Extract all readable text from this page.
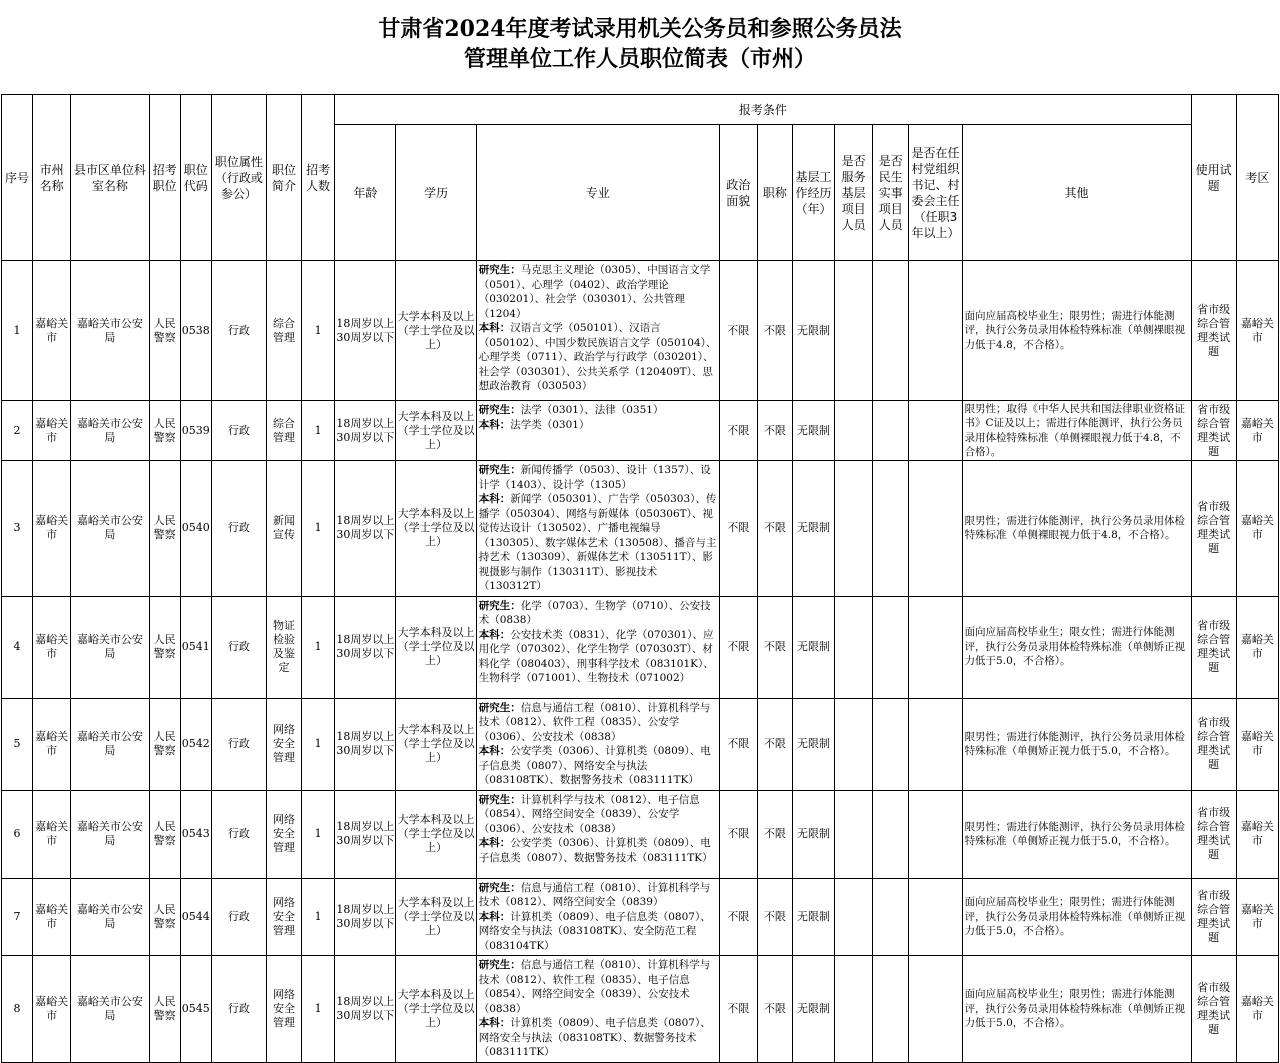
甘肃省2024年度考试录用机关公务员和参照公务员法
管理单位工作人员职位简表（市州）
序号	市州名称	县市区单位科室名称	招考职位	职位代码	职位属性（行政或参公）	职位简介	招考人数	报考条件										使用试题	考区
								年龄	学历	专业	政治面貌	职称	基层工作经历（年）	是否服务基层项目人员	是否民生实事项目人员	是否在任村党组织书记、村委会主任（任职3年以上）	其他		
1	嘉峪关市	嘉峪关市公安局	人民警察	0538	行政	综合管理	1	18周岁以上30周岁以下	大学本科及以上（学士学位及以上）	研究生：马克思主义理论（0305）、中国语言文学（0501）、心理学（0402）、政治学理论（030201）、社会学（030301）、公共管理（1204）
本科：汉语言文学（050101）、汉语言（050102）、中国少数民族语言文学（050104）、心理学类（0711）、政治学与行政学（030201）、社会学（030301）、公共关系学（120409T）、思想政治教育（030503）	不限	不限	无限制				面向应届高校毕业生；限男性；需进行体能测评，执行公务员录用体检特殊标准（单侧裸眼视力低于4.8，不合格）。	省市级综合管理类试题	嘉峪关市
2	嘉峪关市	嘉峪关市公安局	人民警察	0539	行政	综合管理	1	18周岁以上30周岁以下	大学本科及以上（学士学位及以上）	研究生：法学（0301）、法律（0351）
本科：法学类（0301）	不限	不限	无限制				限男性；取得《中华人民共和国法律职业资格证书》C证及以上；需进行体能测评，执行公务员录用体检特殊标准（单侧裸眼视力低于4.8，不合格）。	省市级综合管理类试题	嘉峪关市
3	嘉峪关市	嘉峪关市公安局	人民警察	0540	行政	新闻宣传	1	18周岁以上30周岁以下	大学本科及以上（学士学位及以上）	研究生：新闻传播学（0503）、设计（1357）、设计学（1403）、设计学（1305）
本科：新闻学（050301）、广告学（050303）、传播学（050304）、网络与新媒体（050306T）、视觉传达设计（130502）、广播电视编导（130305）、数字媒体艺术（130508）、播音与主持艺术（130309）、新媒体艺术（130511T）、影视摄影与制作（130311T）、影视技术（130312T）	不限	不限	无限制				限男性；需进行体能测评，执行公务员录用体检特殊标准（单侧裸眼视力低于4.8，不合格）。	省市级综合管理类试题	嘉峪关市
4	嘉峪关市	嘉峪关市公安局	人民警察	0541	行政	物证检验及鉴定	1	18周岁以上30周岁以下	大学本科及以上（学士学位及以上）	研究生：化学（0703）、生物学（0710）、公安技术（0838）
本科：公安技术类（0831）、化学（070301）、应用化学（070302）、化学生物学（070303T）、材料化学（080403）、刑事科学技术（083101K）、生物科学（071001）、生物技术（071002）	不限	不限	无限制				面向应届高校毕业生；限女性；需进行体能测评，执行公务员录用体检特殊标准（单侧矫正视力低于5.0，不合格）。	省市级综合管理类试题	嘉峪关市
5	嘉峪关市	嘉峪关市公安局	人民警察	0542	行政	网络安全管理	1	18周岁以上30周岁以下	大学本科及以上（学士学位及以上）	研究生：信息与通信工程（0810）、计算机科学与技术（0812）、软件工程（0835）、公安学（0306）、公安技术（0838）
本科：公安学类（0306）、计算机类（0809）、电子信息类（0807）、网络安全与执法（083108TK）、数据警务技术（083111TK）	不限	不限	无限制				限男性；需进行体能测评，执行公务员录用体检特殊标准（单侧矫正视力低于5.0，不合格）。	省市级综合管理类试题	嘉峪关市
6	嘉峪关市	嘉峪关市公安局	人民警察	0543	行政	网络安全管理	1	18周岁以上30周岁以下	大学本科及以上（学士学位及以上）	研究生：计算机科学与技术（0812）、电子信息（0854）、网络空间安全（0839）、公安学（0306）、公安技术（0838）
本科：公安学类（0306）、计算机类（0809）、电子信息类（0807）、数据警务技术（083111TK）	不限	不限	无限制				限男性；需进行体能测评，执行公务员录用体检特殊标准（单侧矫正视力低于5.0，不合格）。	省市级综合管理类试题	嘉峪关市
7	嘉峪关市	嘉峪关市公安局	人民警察	0544	行政	网络安全管理	1	18周岁以上30周岁以下	大学本科及以上（学士学位及以上）	研究生：信息与通信工程（0810）、计算机科学与技术（0812）、网络空间安全（0839）
本科：计算机类（0809）、电子信息类（0807）、网络安全与执法（083108TK）、安全防范工程（083104TK）	不限	不限	无限制				面向应届高校毕业生；限男性；需进行体能测评，执行公务员录用体检特殊标准（单侧矫正视力低于5.0，不合格）。	省市级综合管理类试题	嘉峪关市
8	嘉峪关市	嘉峪关市公安局	人民警察	0545	行政	网络安全管理	1	18周岁以上30周岁以下	大学本科及以上（学士学位及以上）	研究生：信息与通信工程（0810）、计算机科学与技术（0812）、软件工程（0835）、电子信息（0854）、网络空间安全（0839）、公安技术（0838）
本科：计算机类（0809）、电子信息类（0807）、网络安全与执法（083108TK）、数据警务技术（083111TK）	不限	不限	无限制				面向应届高校毕业生；限男性；需进行体能测评，执行公务员录用体检特殊标准（单侧矫正视力低于5.0，不合格）。	省市级综合管理类试题	嘉峪关市
